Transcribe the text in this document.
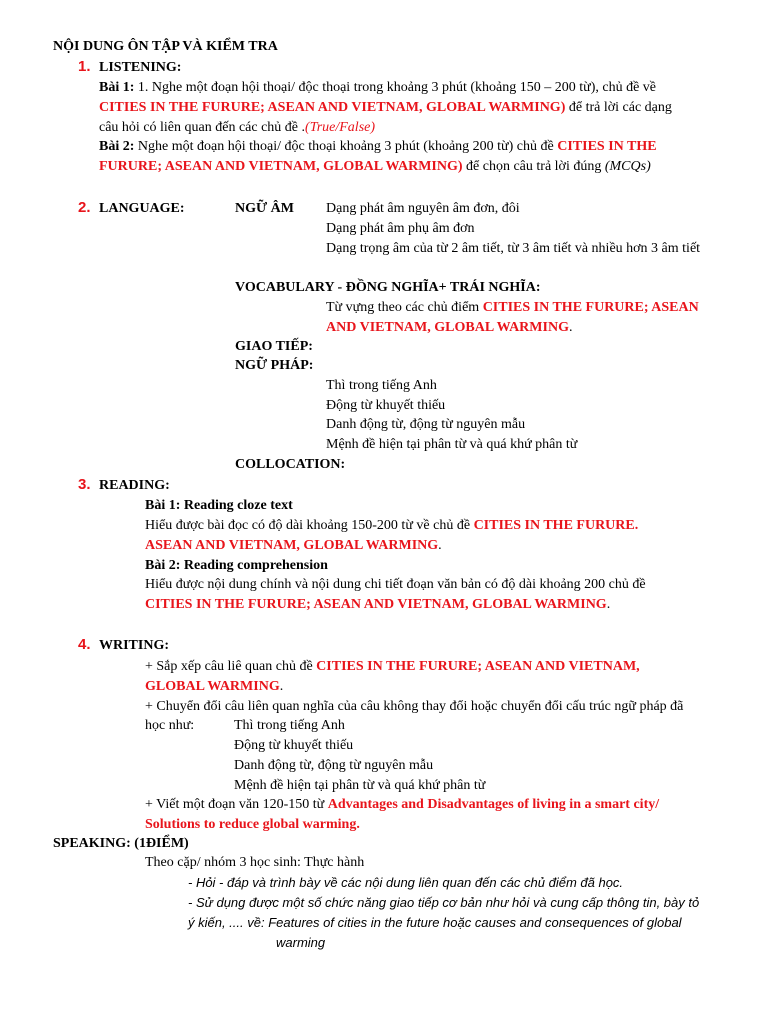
NỘI DUNG ÔN TẬP VÀ KIỂM TRA
1. LISTENING:
Bài 1: 1. Nghe một đoạn hội thoại/ độc thoại trong khoảng 3 phút (khoảng 150 – 200 từ), chủ đề về
CITIES IN THE FURURE; ASEAN AND VIETNAM, GLOBAL WARMING) để trả lời các dạng
câu hỏi có liên quan đến các chủ đề .(True/False)
Bài 2: Nghe một đoạn hội thoại/ độc thoại khoảng 3 phút (khoảng 200 từ) chủ đề CITIES IN THE
FURURE; ASEAN AND VIETNAM, GLOBAL WARMING) để chọn câu trả lời đúng (MCQs)
2. LANGUAGE:	NGỮ ÂM Dạng phát âm nguyên âm đơn, đôi
Dạng phát âm phụ âm đơn
Dạng trọng âm của từ 2 âm tiết, từ 3 âm tiết và nhiều hơn 3 âm tiết
VOCABULARY - ĐỒNG NGHĨA+ TRÁI NGHĨA:
Từ vựng theo các chủ điểm CITIES IN THE FURURE; ASEAN
AND VIETNAM, GLOBAL WARMING.
GIAO TIẾP:
NGỮ PHÁP:
Thì trong tiếng Anh
Động từ khuyết thiếu
Danh động từ, động từ nguyên mẫu
Mệnh đề hiện tại phân từ và quá khứ phân từ
COLLOCATION:
3. READING:
Bài 1: Reading cloze text
Hiểu được bài đọc có độ dài khoảng 150-200 từ về chủ đề CITIES IN THE FURURE.
ASEAN AND VIETNAM, GLOBAL WARMING.
Bài 2: Reading comprehension
Hiểu được nội dung chính và nội dung chi tiết đoạn văn bản có độ dài khoảng 200 chủ đề
CITIES IN THE FURURE; ASEAN AND VIETNAM, GLOBAL WARMING.
4. WRITING:
+ Sắp xếp câu liê quan chủ đề CITIES IN THE FURURE; ASEAN AND VIETNAM,
GLOBAL WARMING.
+ Chuyển đổi câu liên quan nghĩa của câu không thay đổi hoặc chuyển đổi cấu trúc ngữ pháp đã
học như:	Thì trong tiếng Anh
Động từ khuyết thiếu
Danh động từ, động từ nguyên mẫu
Mệnh đề hiện tại phân từ và quá khứ phân từ
+ Viết một đoạn văn 120-150 từ Advantages and Disadvantages of living in a smart city/
Solutions to reduce global warming.
SPEAKING: (1ĐIỂM)
Theo cặp/ nhóm 3 học sinh: Thực hành
- Hỏi - đáp và trình bày về các nội dung liên quan đến các chủ điểm đã học.
- Sử dụng được một số chức năng giao tiếp cơ bản như hỏi và cung cấp thông tin, bày tỏ
ý kiến, .... về: Features of cities in the future hoặc causes and consequences of global
warming
